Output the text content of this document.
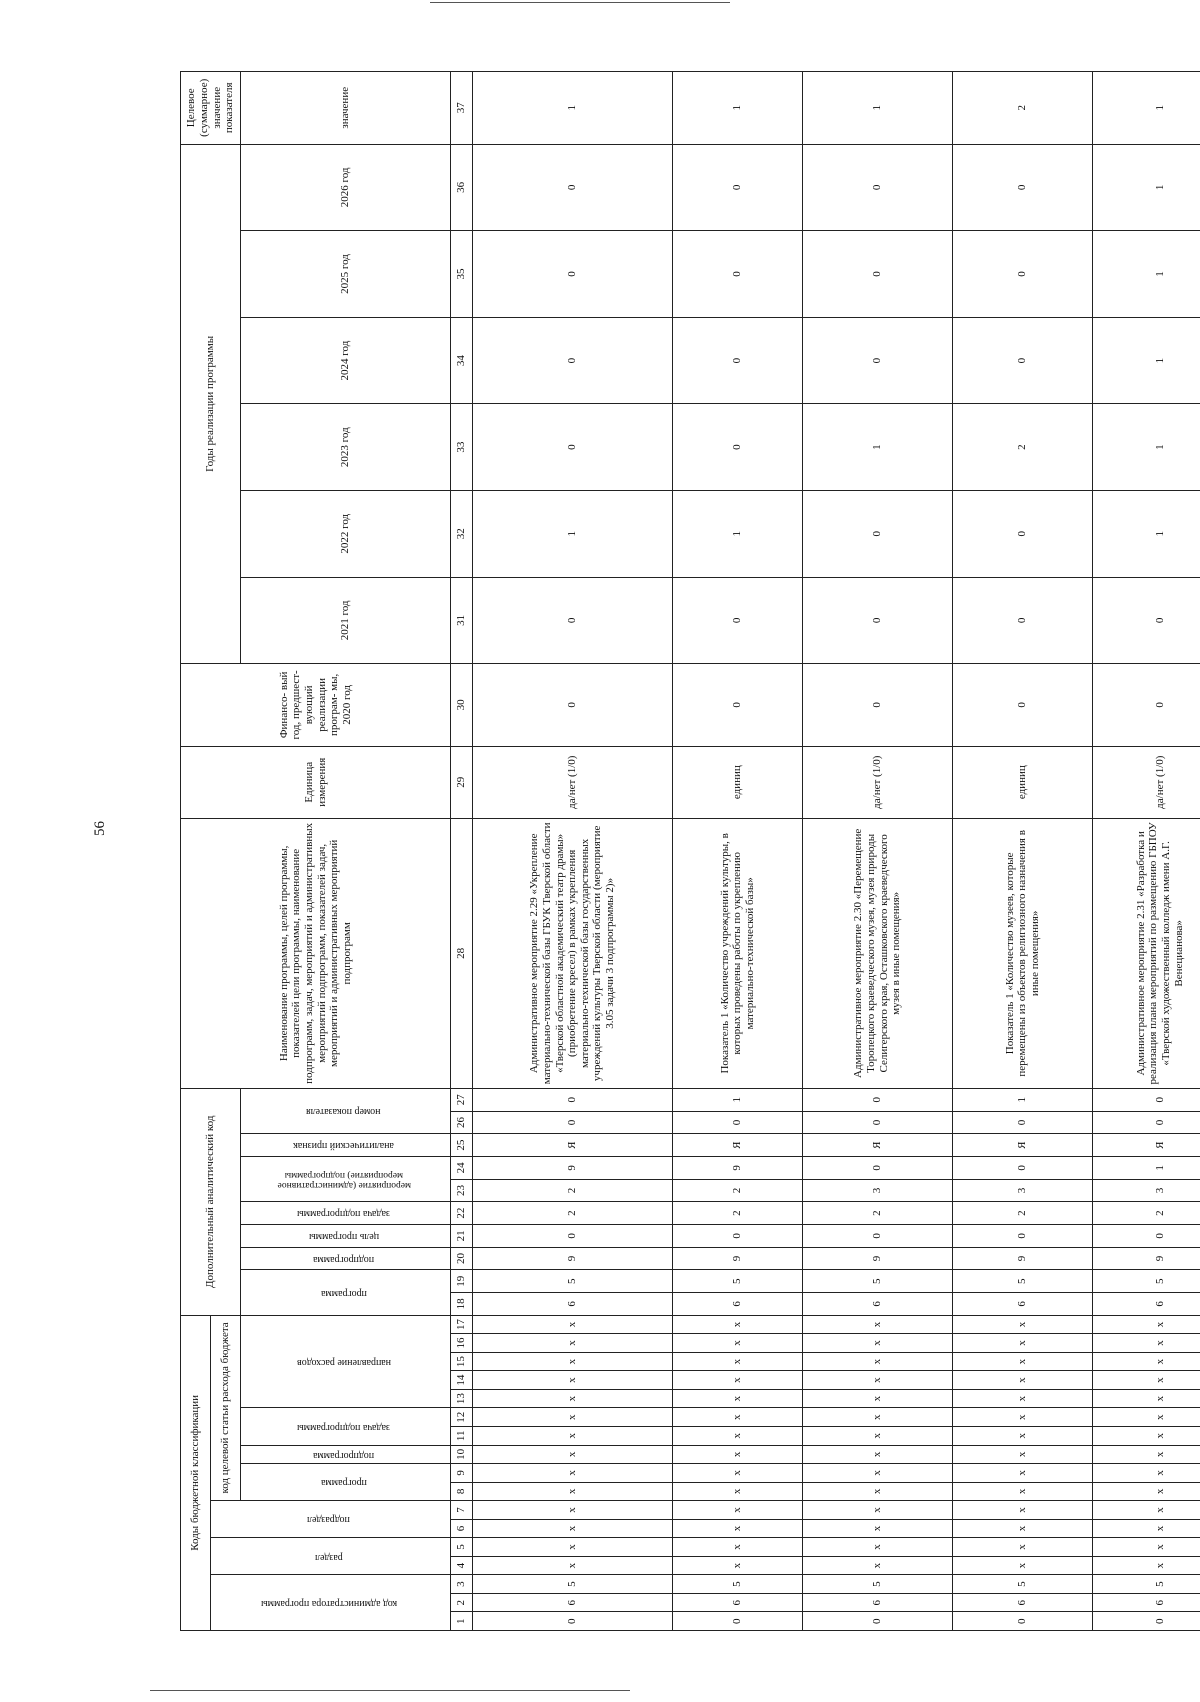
56
Коды бюджетной классификации																	Дополнительный аналитический код										Наименование программы, целей программы, показателей цели программы, наименование подпрограмм, задач, мероприятий и административных мероприятий подпрограмм, показателей задач, мероприятий и административных мероприятий подпрограмм	Единица измерения	Финансо- вый год, предшест- вующий реализации програм- мы, 2020 год	Годы реализации программы						Целевое (суммарное) значение показателя
код администратора программы			раздел		подраздел		код целевой статьи расхода бюджета																													
							программа		подпрограмма	задача подпрограммы		направление расходов					программа		подпрограмма	цель программы	задача подпрограммы	мероприятие (административное мероприятие) подпрограммы		аналитический признак	номер показателя					2021 год	2022 год	2023 год	2024 год	2025 год	2026 год	значение

1	2	3	4	5	6	7	8	9	10	11	12	13	14	15	16	17	18	19	20	21	22	23	24	25	26	27	28	29	30	31	32	33	34	35	36	37
0	6	5	х	х	х	х	х	х	х	х	х	х	х	х	х	х	6	5	9	0	2	2	9	Я	0	0	Административное мероприятие 2.29 «Укрепление материально-технической базы ГБУК Тверской области «Тверской областной академический театр драмы» (приобретение кресел) в рамках укрепления материально-технической базы государственных учреждений культуры Тверской области (мероприятие 3.05 задачи 3 подпрограммы 2)»	да/нет (1/0)	0	0	1	0	0	0	0	1
0	6	5	х	х	х	х	х	х	х	х	х	х	х	х	х	х	6	5	9	0	2	2	9	Я	0	1	Показатель 1 «Количество учреждений культуры, в которых проведены работы по укреплению материально-технической базы»	единиц	0	0	1	0	0	0	0	1
0	6	5	х	х	х	х	х	х	х	х	х	х	х	х	х	х	6	5	9	0	2	3	0	Я	0	0	Административное мероприятие 2.30 «Перемещение Торопецкого краеведческого музея, музея природы Селигерского края, Осташковского краеведческого музея в иные помещения»	да/нет (1/0)	0	0	0	1	0	0	0	1
0	6	5	х	х	х	х	х	х	х	х	х	х	х	х	х	х	6	5	9	0	2	3	0	Я	0	1	Показатель 1 «Количество музеев, которые перемещены из объектов религиозного назначения в иные помещения»	единиц	0	0	0	2	0	0	0	2
0	6	5	х	х	х	х	х	х	х	х	х	х	х	х	х	х	6	5	9	0	2	3	1	Я	0	0	Административное мероприятие 2.31 «Разработка и реализация плана мероприятий по размещению ГБПОУ «Тверской художественный колледж имени А.Г. Венецианова»	да/нет (1/0)	0	0	1	1	1	1	1	1
